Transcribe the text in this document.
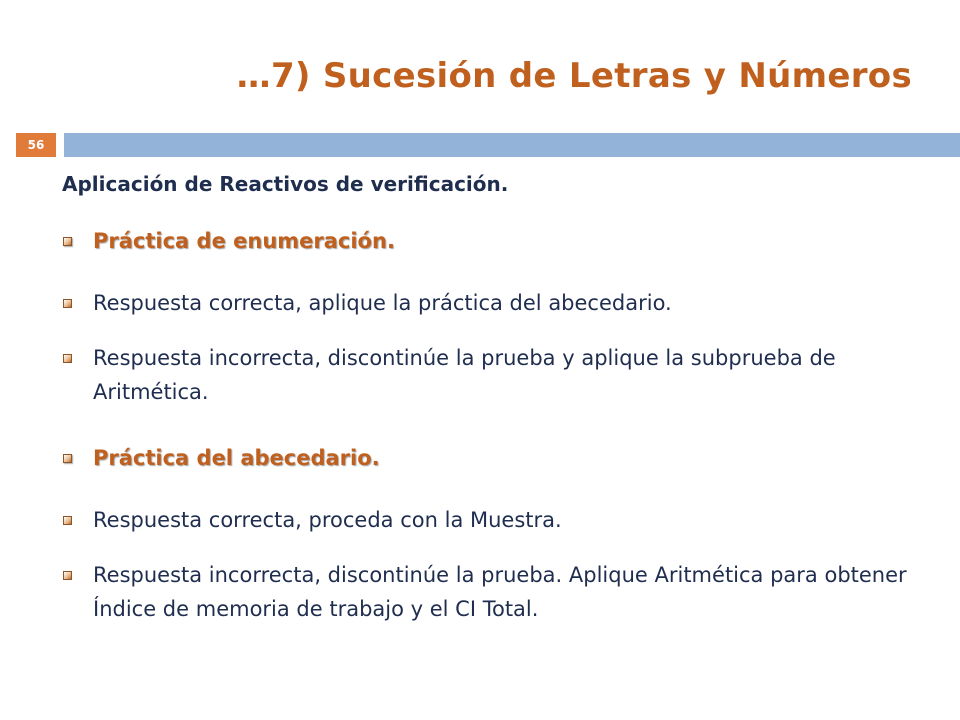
…7) Sucesión de Letras y Números
56
Aplicación de Reactivos de verificación.
Práctica de enumeración.
Respuesta correcta, aplique la práctica del abecedario.
Respuesta incorrecta, discontinúe la prueba y aplique la subprueba de Aritmética.
Práctica del abecedario.
Respuesta correcta, proceda con la Muestra.
Respuesta incorrecta, discontinúe la prueba. Aplique Aritmética para obtener Índice de memoria de trabajo y el CI Total.
